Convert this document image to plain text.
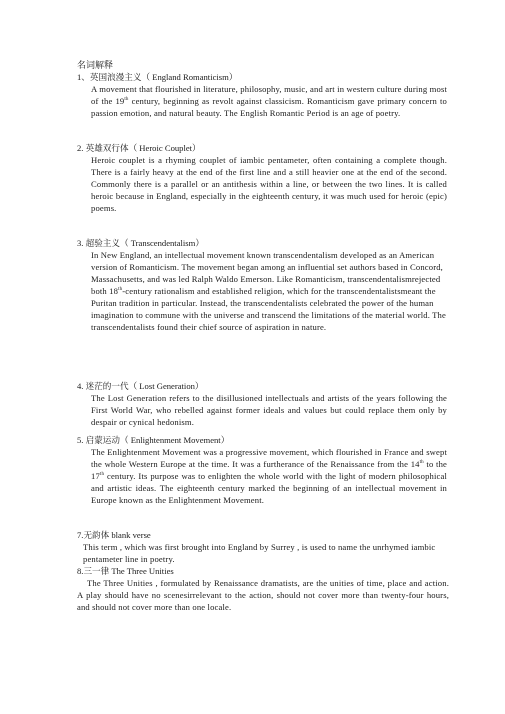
名词解释
1、英国浪漫主义（ England Romanticism）
A movement that flourished in literature, philosophy, music, and art in western culture during most of the 19th century, beginning as revolt against classicism. Romanticism gave primary concern to passion emotion, and natural beauty. The English Romantic Period is an age of poetry.
2. 英雄双行体（ Heroic Couplet）
Heroic couplet is a rhyming couplet of iambic pentameter, often containing a complete though. There is a fairly heavy at the end of the first line and a still heavier one at the end of the second. Commonly there is a parallel or an antithesis within a line, or between the two lines. It is called heroic because in England, especially in the eighteenth century, it was much used for heroic (epic) poems.
3. 超验主义（ Transcendentalism）
In New England, an intellectual movement known transcendentalism developed as an American version of Romanticism. The movement began among an influential set authors based in Concord, Massachusetts, and was led Ralph Waldo Emerson. Like Romanticism, transcendentalismrejected both 18th-century rationalism and established religion, which for the transcendentalistsmeant the Puritan tradition in particular. Instead, the transcendentalists celebrated the power of the human imagination to commune with the universe and transcend the limitations of the material world. The transcendentalists found their chief source of aspiration in nature.
4. 迷茫的一代（ Lost Generation）
The Lost Generation refers to the disillusioned intellectuals and artists of the years following the First World War, who rebelled against former ideals and values but could replace them only by despair or cynical hedonism.
5. 启蒙运动（ Enlightenment Movement）
The Enlightenment Movement was a progressive movement, which flourished in France and swept the whole Western Europe at the time. It was a furtherance of the Renaissance from the 14th to the 17th century. Its purpose was to enlighten the whole world with the light of modern philosophical and artistic ideas. The eighteenth century marked the beginning of an intellectual movement in Europe known as the Enlightenment Movement.
7.无韵体 blank verse
This term , which was first brought into England by Surrey , is used to name the unrhymed iambic pentameter line in poetry.
8.三一律 The Three Unities
The Three Unities , formulated by Renaissance dramatists, are the unities of time, place and action. A play should have no scenesirrelevant to the action, should not cover more than twenty-four hours, and should not cover more than one locale.
